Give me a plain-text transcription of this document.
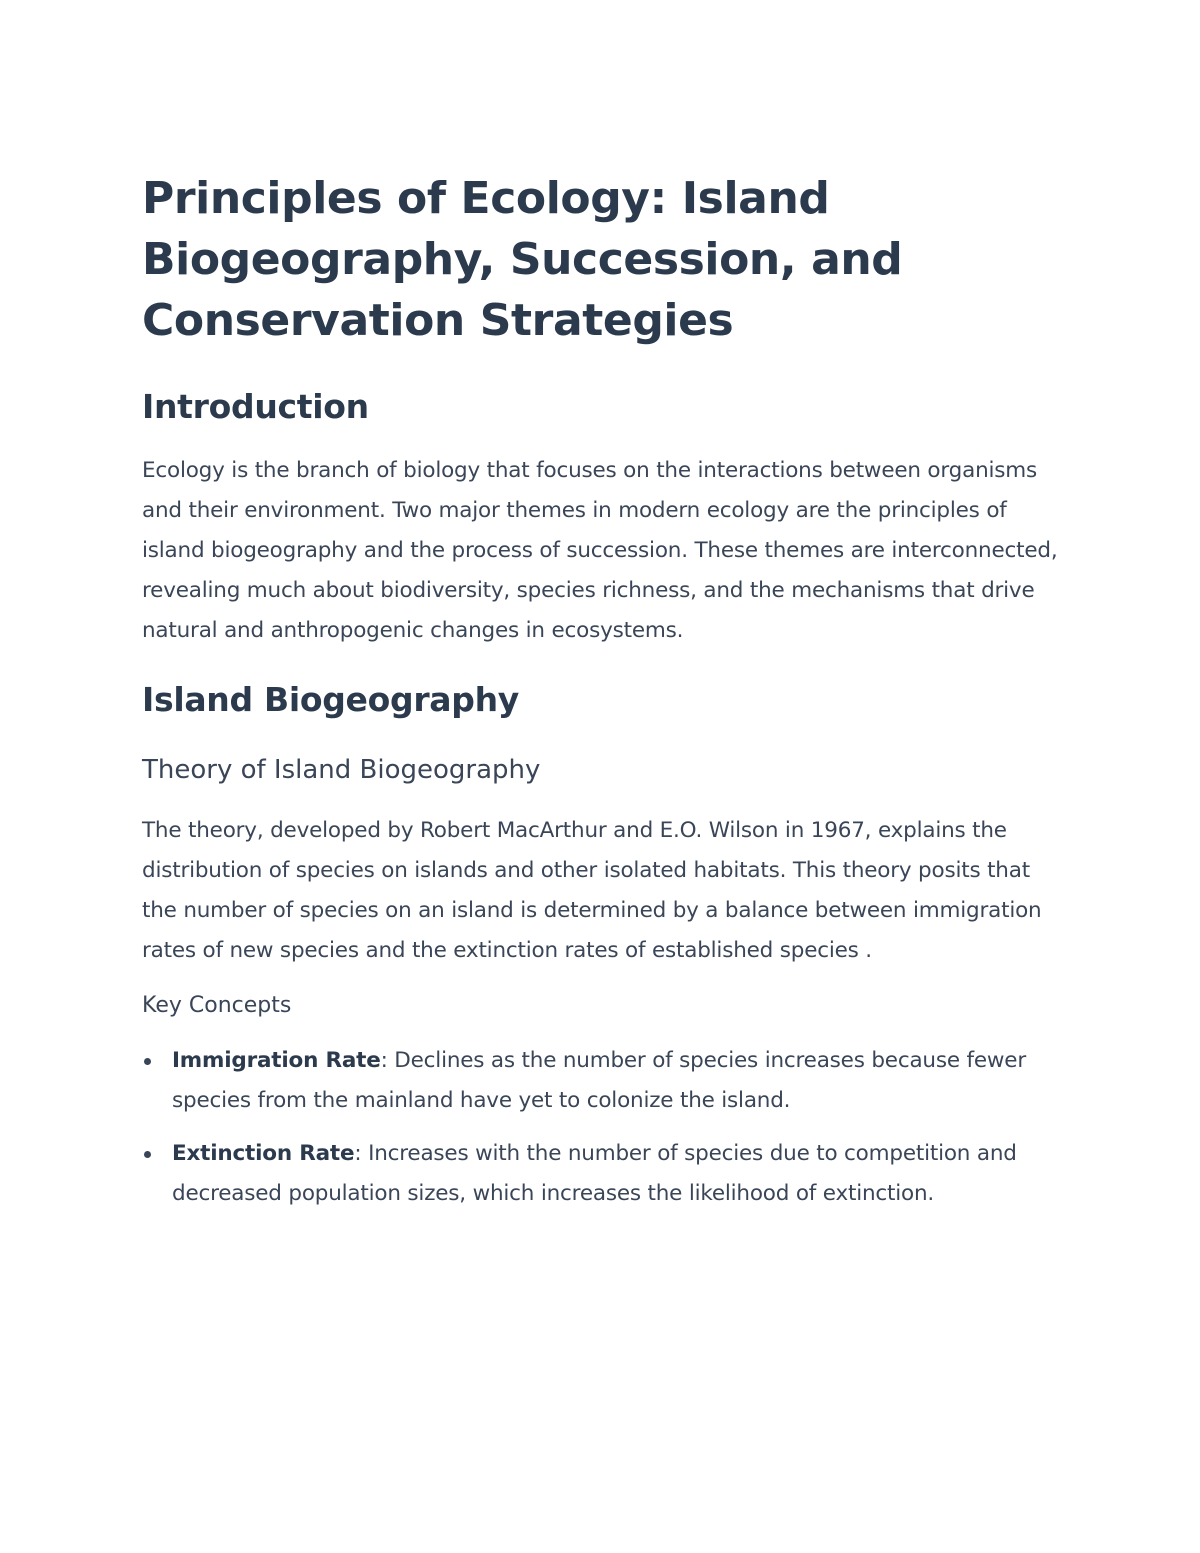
Principles of Ecology: Island Biogeography, Succession, and Conservation Strategies
Introduction

Ecology is the branch of biology that focuses on the interactions between organisms and their environment. Two major themes in modern ecology are the principles of island biogeography and the process of succession. These themes are interconnected, revealing much about biodiversity, species richness, and the mechanisms that drive natural and anthropogenic changes in ecosystems.

Island Biogeography
Theory of Island Biogeography

The theory, developed by Robert MacArthur and E.O. Wilson in 1967, explains the distribution of species on islands and other isolated habitats. This theory posits that the number of species on an island is determined by a balance between immigration rates of new species and the extinction rates of established species .

Key Concepts
Immigration Rate: Declines as the number of species increases because fewer species from the mainland have yet to colonize the island.
Extinction Rate: Increases with the number of species due to competition and decreased population sizes, which increases the likelihood of extinction.
